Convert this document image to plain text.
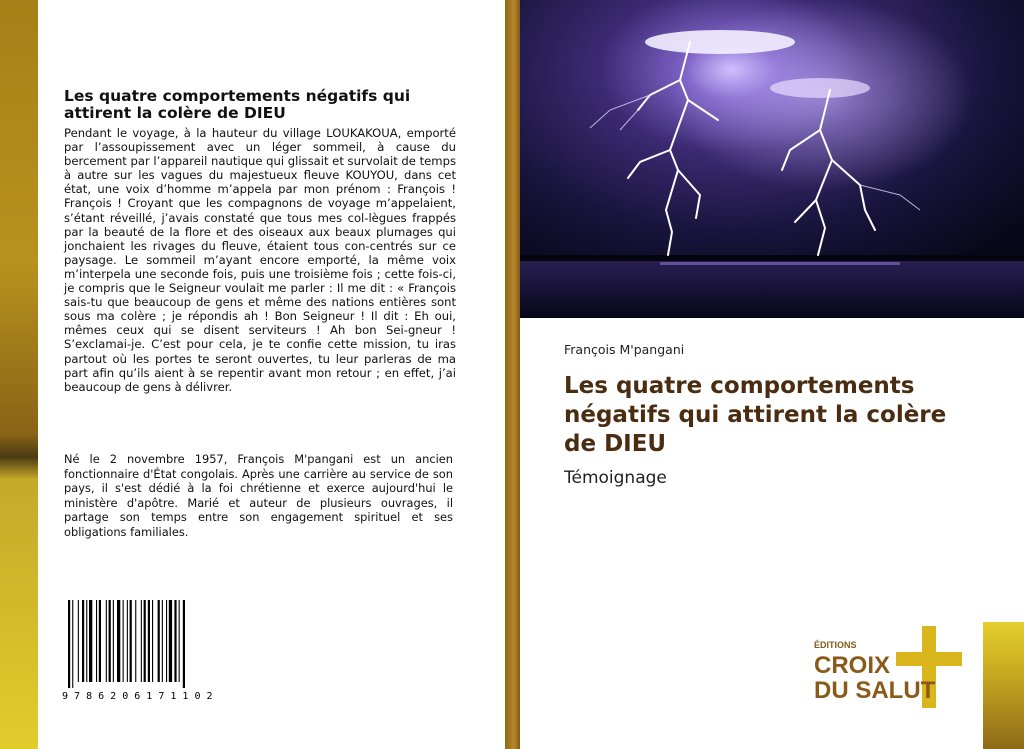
Les quatre comportements négatifs qui attirent la colère de DIEU

Pendant le voyage, à la hauteur du village LOUKAKOUA, emporté par l’assoupissement avec un léger sommeil, à cause du bercement par l’appareil nautique qui glissait et survolait de temps à autre sur les vagues du majestueux fleuve KOUYOU, dans cet état, une voix d’homme m’appela par mon prénom : François ! François ! Croyant que les compagnons de voyage m’appelaient, s’étant réveillé, j’avais constaté que tous mes col-lègues frappés par la beauté de la flore et des oiseaux aux beaux plumages qui jonchaient les rivages du fleuve, étaient tous con-centrés sur ce paysage. Le sommeil m’ayant encore emporté, la même voix m’interpela une seconde fois, puis une troisième fois ; cette fois-ci, je compris que le Seigneur voulait me parler : Il me dit : « François sais-tu que beaucoup de gens et même des nations entières sont sous ma colère ; je répondis ah ! Bon Seigneur ! Il dit : Eh oui, mêmes ceux qui se disent serviteurs ! Ah bon Sei-gneur ! S’exclamai-je. C’est pour cela, je te confie cette mission, tu iras partout où les portes te seront ouvertes, tu leur parleras de ma part afin qu’ils aient à se repentir avant mon retour ; en effet, j’ai beaucoup de gens à délivrer.

Né le 2 novembre 1957, François M'pangani est un ancien fonctionnaire d'État congolais. Après une carrière au service de son pays, il s'est dédié à la foi chrétienne et exerce aujourd'hui le ministère d'apôtre. Marié et auteur de plusieurs ouvrages, il partage son temps entre son engagement spirituel et ses obligations familiales.

9 7 8 6 2 0 6 1 7 1 1 0 2

François M'pangani

Les quatre comportements négatifs qui attirent la colère de DIEU

Témoignage

ÉDITIONS
CROIX
DU SALUT
